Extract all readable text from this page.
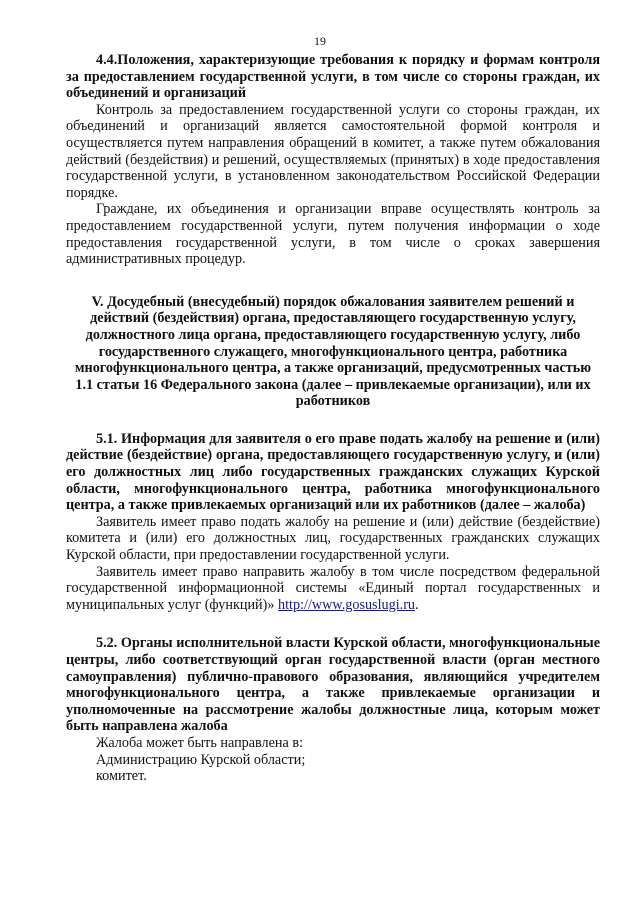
19

4.4.Положения, характеризующие требования к порядку и формам контроля за предоставлением государственной услуги, в том числе со стороны граждан, их объединений и организаций

Контроль за предоставлением государственной услуги со стороны граждан, их объединений и организаций является самостоятельной формой контроля и осуществляется путем направления обращений в комитет, а также путем обжалования действий (бездействия) и решений, осуществляемых (принятых) в ходе предоставления государственной услуги, в установленном законодательством Российской Федерации порядке.

Граждане, их объединения и организации вправе осуществлять контроль за предоставлением государственной услуги, путем получения информации о ходе предоставления государственной услуги, в том числе о сроках завершения административных процедур.

V. Досудебный (внесудебный) порядок обжалования заявителем решений и действий (бездействия) органа, предоставляющего государственную услугу, должностного лица органа, предоставляющего государственную услугу, либо государственного служащего, многофункционального центра, работника многофункционального центра, а также организаций, предусмотренных частью 1.1 статьи 16 Федерального закона (далее – привлекаемые организации), или их работников

5.1. Информация для заявителя о его праве подать жалобу на решение и (или) действие (бездействие) органа, предоставляющего государственную услугу, и (или) его должностных лиц либо государственных гражданских служащих Курской области, многофункционального центра, работника многофункционального центра, а также привлекаемых организаций или их работников (далее – жалоба)

Заявитель имеет право подать жалобу на решение и (или) действие (бездействие) комитета и (или) его должностных лиц, государственных гражданских служащих Курской области, при предоставлении государственной услуги.

Заявитель имеет право направить жалобу в том числе посредством федеральной государственной информационной системы «Единый портал государственных и муниципальных услуг (функций)» http://www.gosuslugi.ru.

5.2. Органы исполнительной власти Курской области, многофункциональные центры, либо соответствующий орган государственной власти (орган местного самоуправления) публично-правового образования, являющийся учредителем многофункционального центра, а также привлекаемые организации и уполномоченные на рассмотрение жалобы должностные лица, которым может быть направлена жалоба

Жалоба может быть направлена в:

Администрацию Курской области;

комитет.
